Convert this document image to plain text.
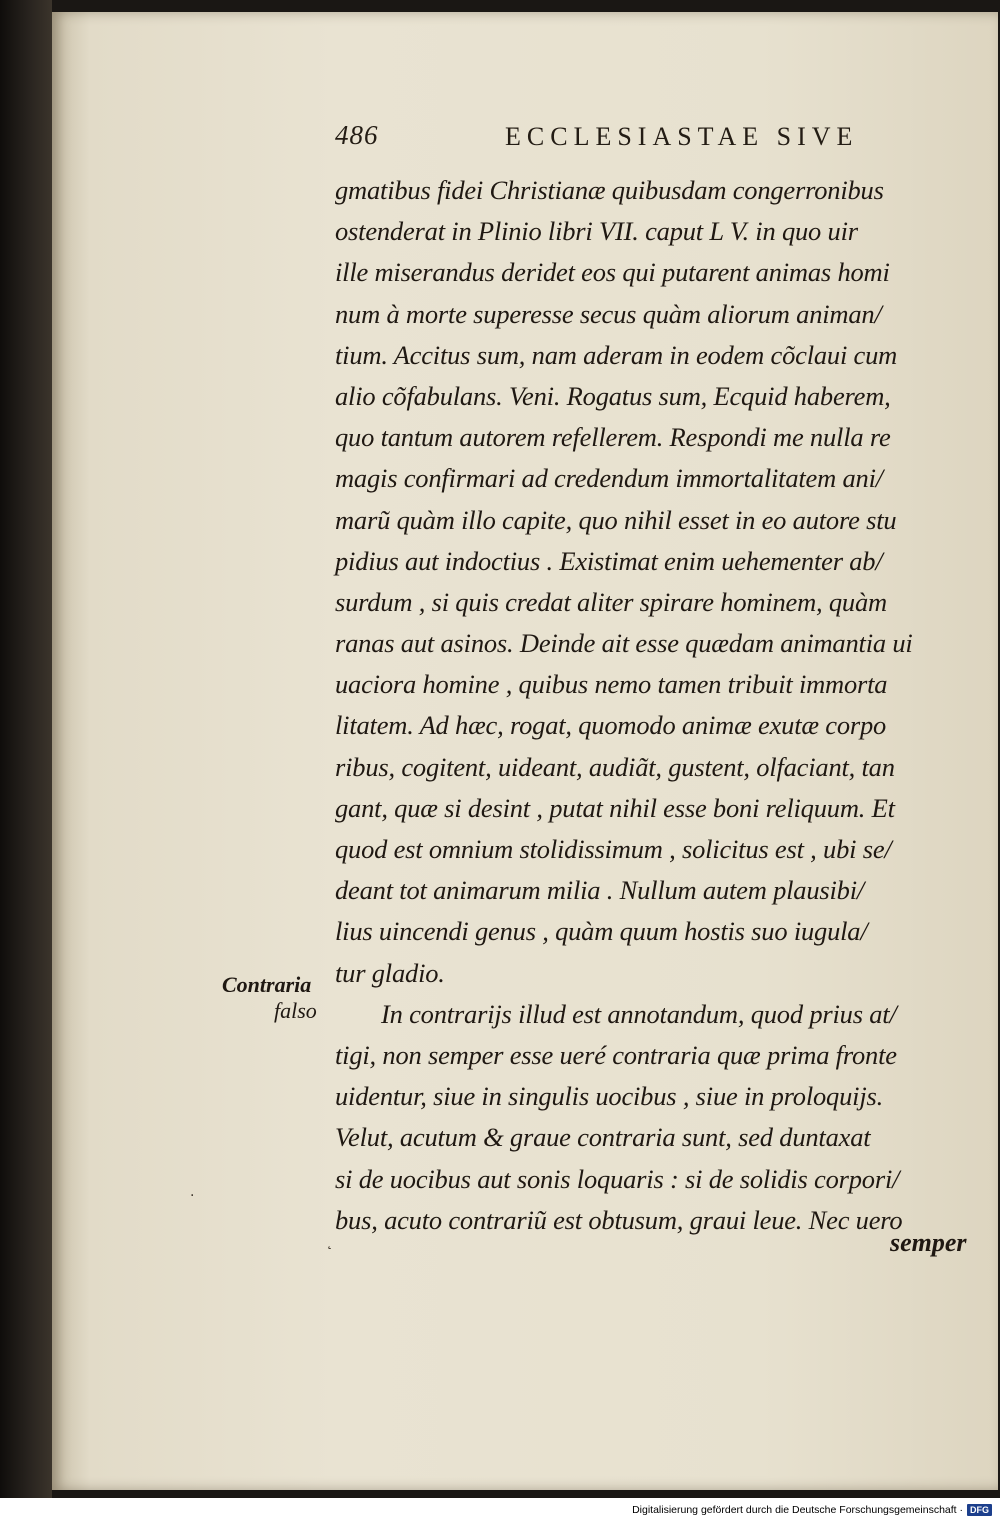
486	ECCLESIASTAE SIVE
gmatibus fidei Christianæ quibusdam congerronibus
ostenderat in Plinio libri VII. caput L V. in quo uir
ille miserandus deridet eos qui putarent animas homi
num à morte superesse secus quàm aliorum animan/
tium. Accitus sum, nam aderam in eodem cõclaui cum
alio cõfabulans. Veni. Rogatus sum, Ecquid haberem,
quo tantum autorem refellerem. Respondi me nulla re
magis confirmari ad credendum immortalitatem ani/
marũ quàm illo capite, quo nihil esset in eo autore stu
pidius aut indoctius . Existimat enim uehementer ab/
surdum , si quis credat aliter spirare hominem, quàm
ranas aut asinos. Deinde ait esse quædam animantia ui
uaciora homine , quibus nemo tamen tribuit immorta
litatem. Ad hæc, rogat, quomodo animæ exutæ corpo
ribus, cogitent, uideant, audiãt, gustent, olfaciant, tan
gant, quæ si desint , putat nihil esse boni reliquum. Et
quod est omnium stolidissimum , solicitus est , ubi se/
deant tot animarum milia . Nullum autem plausibi/
lius uincendi genus , quàm quum hostis suo iugula/
tur gladio.
In contrarijs illud est annotandum, quod prius at/
tigi, non semper esse ueré contraria quæ prima fronte
uidentur, siue in singulis uocibus , siue in proloquijs.
Velut, acutum & graue contraria sunt, sed duntaxat
si de uocibus aut sonis loquaris : si de solidis corpori/
bus, acuto contrariũ est obtusum, graui leue. Nec uero
Contraria
falso
semper
·
˛
Digitalisierung gefördert durch die Deutsche Forschungsgemeinschaft · DFG
